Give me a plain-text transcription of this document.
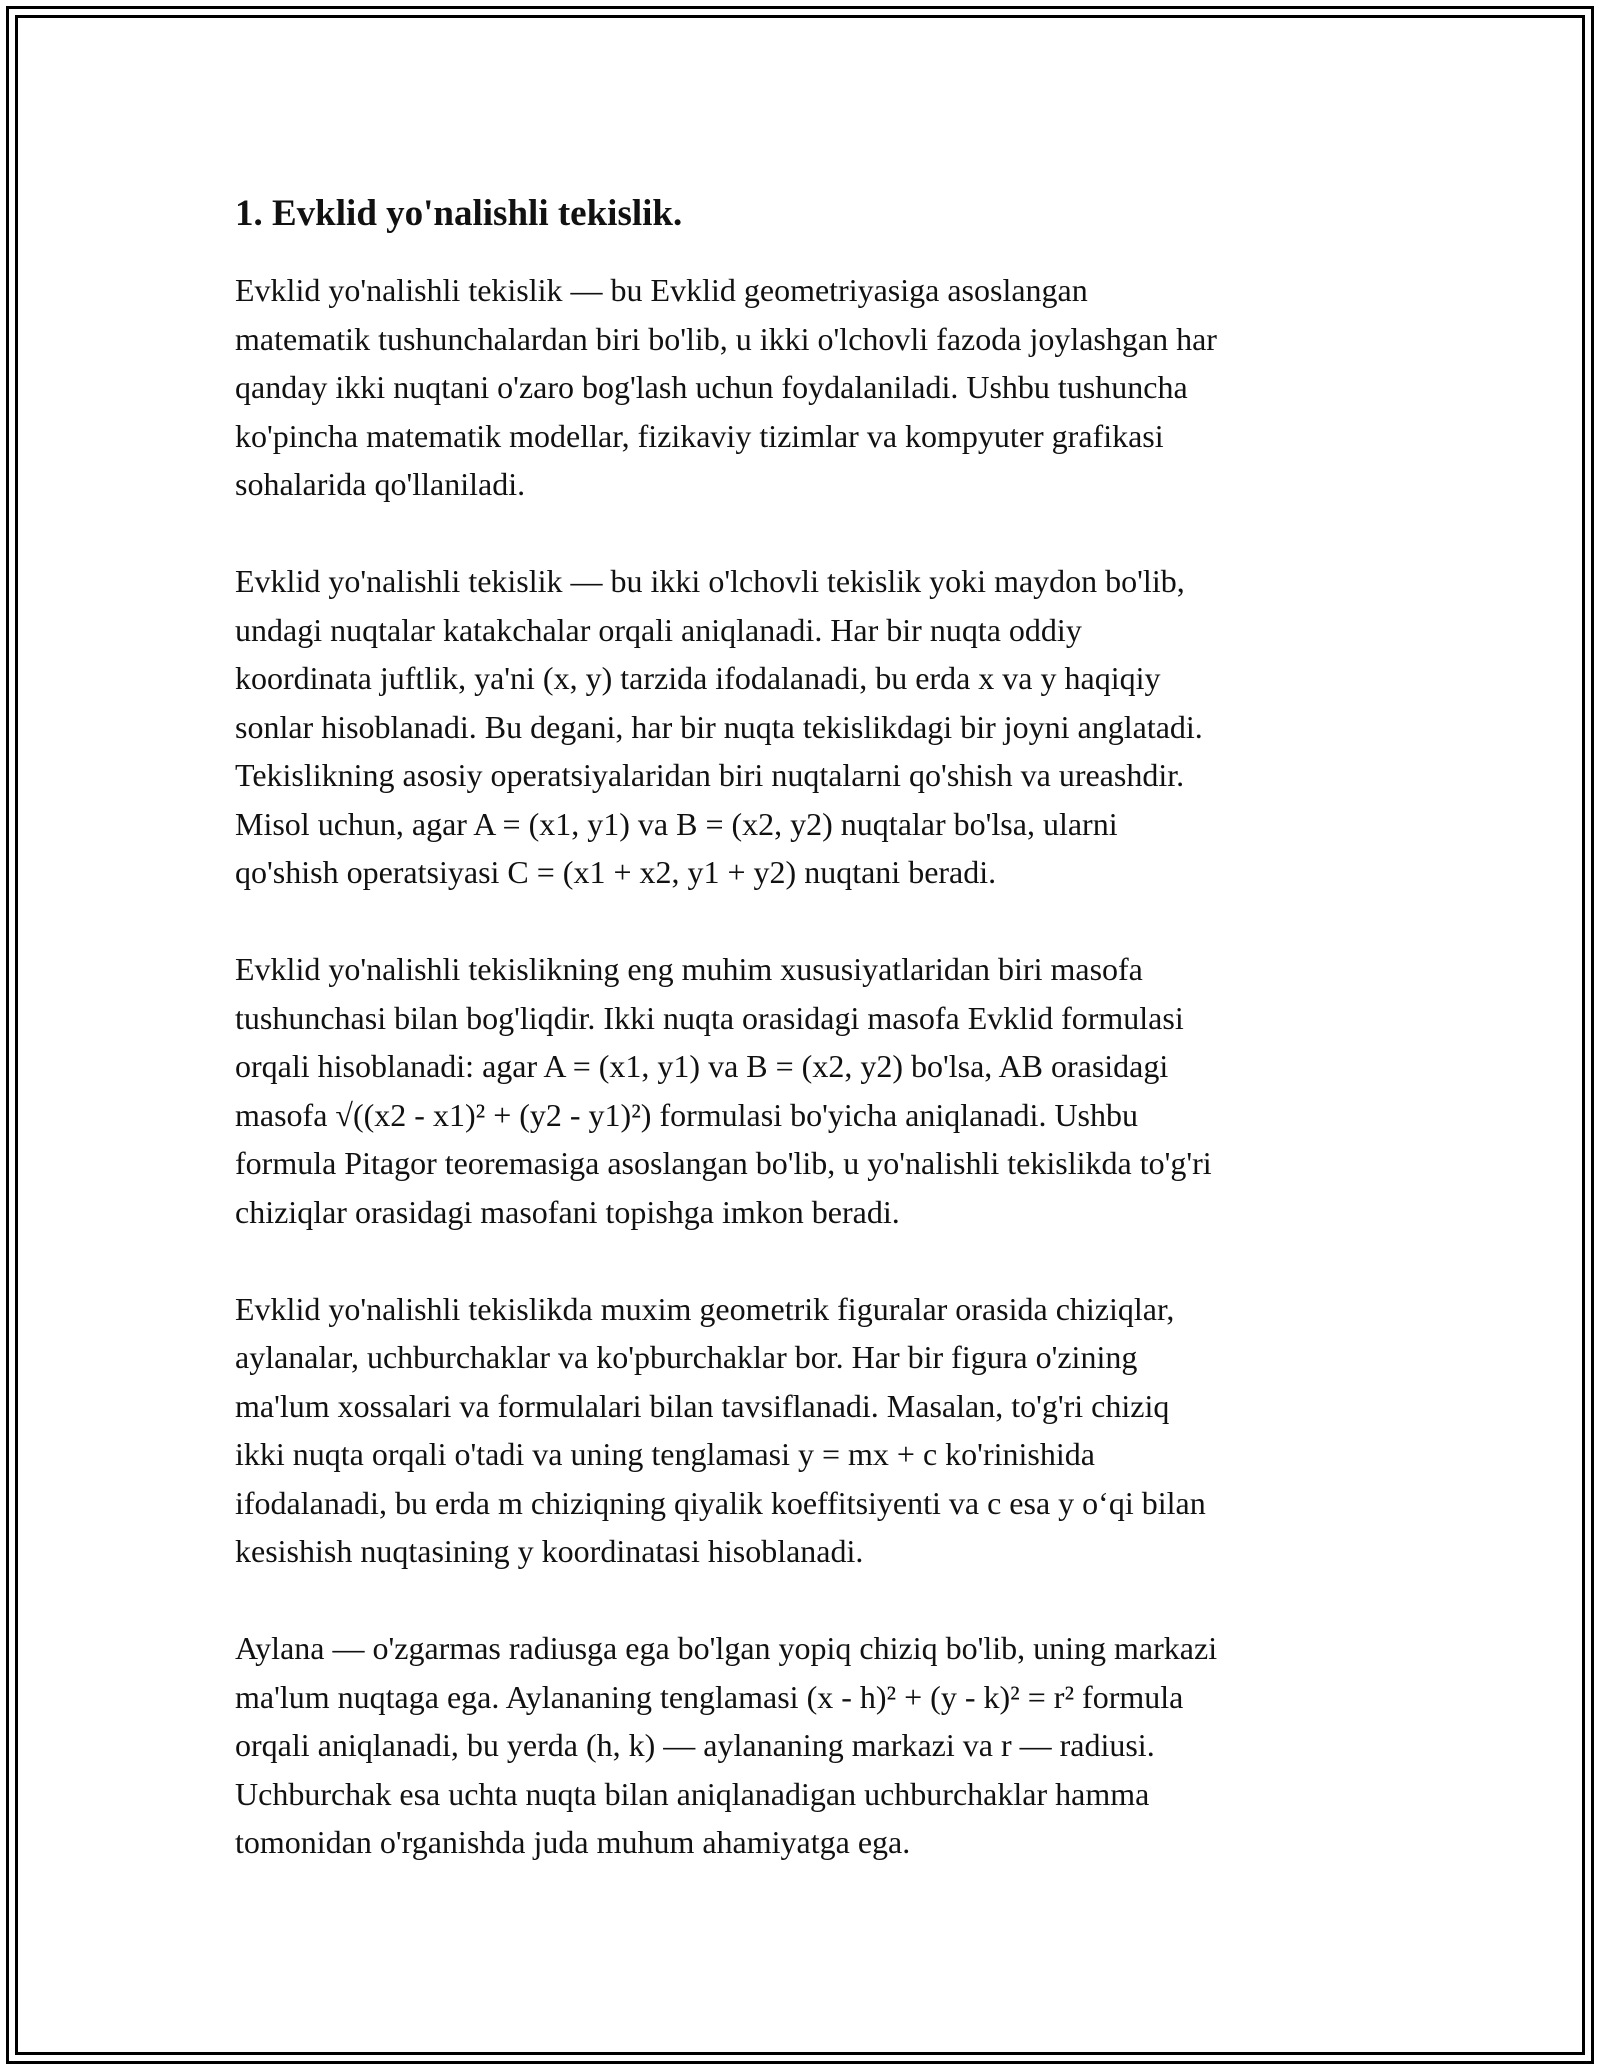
1. Evklid yo'nalishli tekislik.

Evklid yo'nalishli tekislik — bu Evklid geometriyasiga asoslangan
matematik tushunchalardan biri bo'lib, u ikki o'lchovli fazoda joylashgan har
qanday ikki nuqtani o'zaro bog'lash uchun foydalaniladi. Ushbu tushuncha
ko'pincha matematik modellar, fizikaviy tizimlar va kompyuter grafikasi
sohalarida qo'llaniladi.

Evklid yo'nalishli tekislik — bu ikki o'lchovli tekislik yoki maydon bo'lib,
undagi nuqtalar katakchalar orqali aniqlanadi. Har bir nuqta oddiy
koordinata juftlik, ya'ni (x, y) tarzida ifodalanadi, bu erda x va y haqiqiy
sonlar hisoblanadi. Bu degani, har bir nuqta tekislikdagi bir joyni anglatadi.
Tekislikning asosiy operatsiyalaridan biri nuqtalarni qo'shish va ureashdir.
Misol uchun, agar A = (x1, y1) va B = (x2, y2) nuqtalar bo'lsa, ularni
qo'shish operatsiyasi C = (x1 + x2, y1 + y2) nuqtani beradi.

Evklid yo'nalishli tekislikning eng muhim xususiyatlaridan biri masofa
tushunchasi bilan bog'liqdir. Ikki nuqta orasidagi masofa Evklid formulasi
orqali hisoblanadi: agar A = (x1, y1) va B = (x2, y2) bo'lsa, AB orasidagi
masofa √((x2 - x1)² + (y2 - y1)²) formulasi bo'yicha aniqlanadi. Ushbu
formula Pitagor teoremasiga asoslangan bo'lib, u yo'nalishli tekislikda to'g'ri
chiziqlar orasidagi masofani topishga imkon beradi.

Evklid yo'nalishli tekislikda muxim geometrik figuralar orasida chiziqlar,
aylanalar, uchburchaklar va ko'pburchaklar bor. Har bir figura o'zining
ma'lum xossalari va formulalari bilan tavsiflanadi. Masalan, to'g'ri chiziq
ikki nuqta orqali o'tadi va uning tenglamasi y = mx + c ko'rinishida
ifodalanadi, bu erda m chiziqning qiyalik koeffitsiyenti va c esa y oʻqi bilan
kesishish nuqtasining y koordinatasi hisoblanadi.

Aylana — o'zgarmas radiusga ega bo'lgan yopiq chiziq bo'lib, uning markazi
ma'lum nuqtaga ega. Aylananing tenglamasi (x - h)² + (y - k)² = r² formula
orqali aniqlanadi, bu yerda (h, k) — aylananing markazi va r — radiusi.
Uchburchak esa uchta nuqta bilan aniqlanadigan uchburchaklar hamma
tomonidan o'rganishda juda muhum ahamiyatga ega.
